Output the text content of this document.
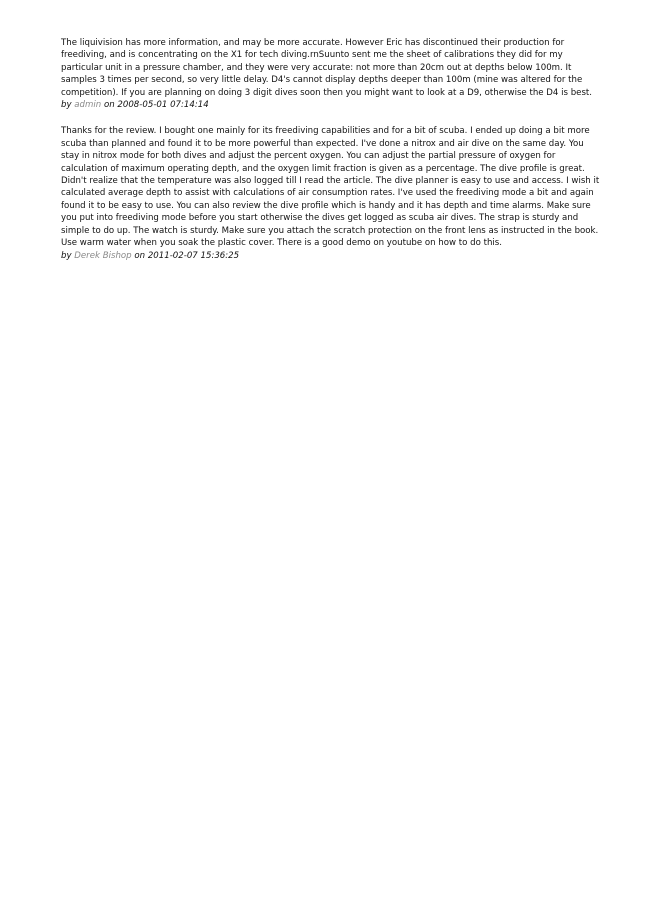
The liquivision has more information, and may be more accurate. However Eric has discontinued their production for freediving, and is concentrating on the X1 for tech diving.rnSuunto sent me the sheet of calibrations they did for my particular unit in a pressure chamber, and they were very accurate: not more than 20cm out at depths below 100m. It samples 3 times per second, so very little delay. D4's cannot display depths deeper than 100m (mine was altered for the competition). If you are planning on doing 3 digit dives soon then you might want to look at a D9, otherwise the D4 is best.

by admin on 2008-05-01 07:14:14

Thanks for the review. I bought one mainly for its freediving capabilities and for a bit of scuba. I ended up doing a bit more scuba than planned and found it to be more powerful than expected. I've done a nitrox and air dive on the same day. You stay in nitrox mode for both dives and adjust the percent oxygen. You can adjust the partial pressure of oxygen for calculation of maximum operating depth, and the oxygen limit fraction is given as a percentage. The dive profile is great. Didn't realize that the temperature was also logged till I read the article. The dive planner is easy to use and access. I wish it calculated average depth to assist with calculations of air consumption rates. I've used the freediving mode a bit and again found it to be easy to use. You can also review the dive profile which is handy and it has depth and time alarms. Make sure you put into freediving mode before you start otherwise the dives get logged as scuba air dives. The strap is sturdy and simple to do up. The watch is sturdy. Make sure you attach the scratch protection on the front lens as instructed in the book. Use warm water when you soak the plastic cover. There is a good demo on youtube on how to do this.

by Derek Bishop on 2011-02-07 15:36:25
